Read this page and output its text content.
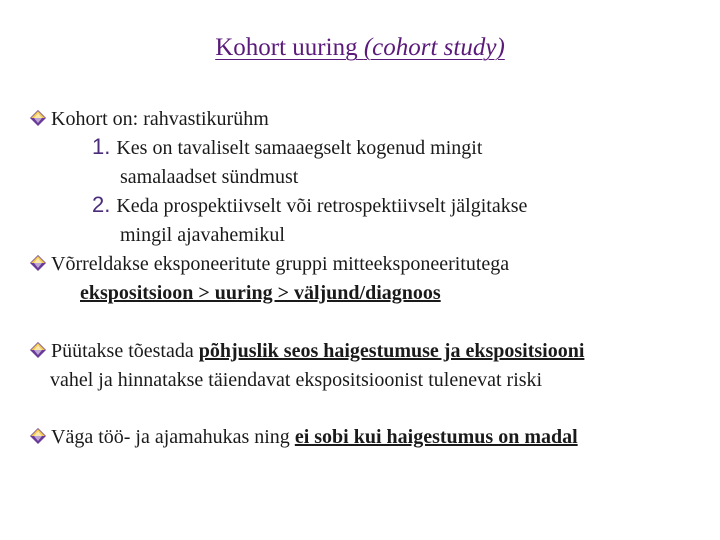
Kohort uuring (cohort study)
Kohort on: rahvastikurühm
1. Kes on tavaliselt samaaegselt kogenud mingit
samalaadset sündmust
2. Keda prospektiivselt või retrospektiivselt jälgitakse
mingil ajavahemikul
Võrreldakse eksponeeritute gruppi mitteeksponeeritutega
ekspositsioon > uuring > väljund/diagnoos
Püütakse tõestada põhjuslik seos haigestumuse ja ekspositsiooni
vahel ja hinnatakse täiendavat ekspositsioonist tulenevat riski
Väga töö- ja ajamahukas ning ei sobi kui haigestumus on madal
